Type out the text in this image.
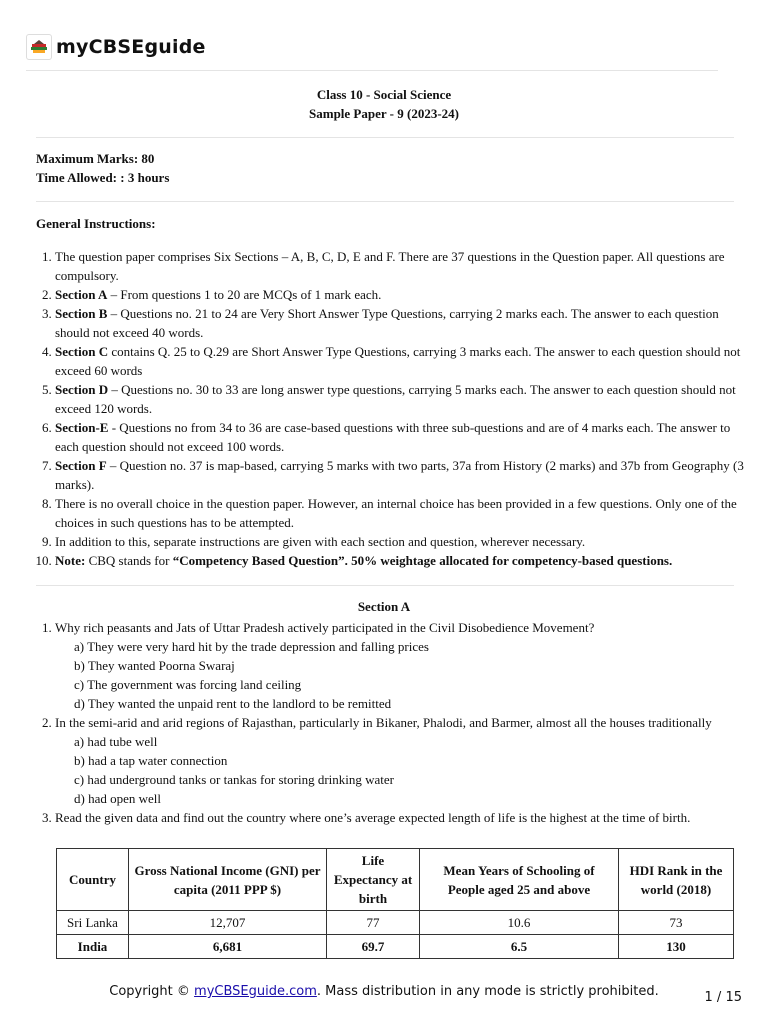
myCBSEguide
Class 10 - Social Science
Sample Paper - 9 (2023-24)
Maximum Marks: 80
Time Allowed: : 3 hours
General Instructions:
1. The question paper comprises Six Sections – A, B, C, D, E and F. There are 37 questions in the Question paper. All questions are compulsory.
2. Section A – From questions 1 to 20 are MCQs of 1 mark each.
3. Section B – Questions no. 21 to 24 are Very Short Answer Type Questions, carrying 2 marks each. The answer to each question should not exceed 40 words.
4. Section C contains Q. 25 to Q.29 are Short Answer Type Questions, carrying 3 marks each. The answer to each question should not exceed 60 words
5. Section D – Questions no. 30 to 33 are long answer type questions, carrying 5 marks each. The answer to each question should not exceed 120 words.
6. Section-E - Questions no from 34 to 36 are case-based questions with three sub-questions and are of 4 marks each. The answer to each question should not exceed 100 words.
7. Section F – Question no. 37 is map-based, carrying 5 marks with two parts, 37a from History (2 marks) and 37b from Geography (3 marks).
8. There is no overall choice in the question paper. However, an internal choice has been provided in a few questions. Only one of the choices in such questions has to be attempted.
9. In addition to this, separate instructions are given with each section and question, wherever necessary.
10. Note: CBQ stands for “Competency Based Question”. 50% weightage allocated for competency-based questions.
Section A
1. Why rich peasants and Jats of Uttar Pradesh actively participated in the Civil Disobedience Movement?
a) They were very hard hit by the trade depression and falling prices
b) They wanted Poorna Swaraj
c) The government was forcing land ceiling
d) They wanted the unpaid rent to the landlord to be remitted
2. In the semi-arid and arid regions of Rajasthan, particularly in Bikaner, Phalodi, and Barmer, almost all the houses traditionally
a) had tube well
b) had a tap water connection
c) had underground tanks or tankas for storing drinking water
d) had open well
3. Read the given data and find out the country where one’s average expected length of life is the highest at the time of birth.
Country	Gross National Income (GNI) per capita (2011 PPP $)	Life Expectancy at birth	Mean Years of Schooling of People aged 25 and above	HDI Rank in the world (2018)
Sri Lanka	12,707	77	10.6	73
India	6,681	69.7	6.5	130
Copyright © myCBSEguide.com. Mass distribution in any mode is strictly prohibited.	1 / 15
